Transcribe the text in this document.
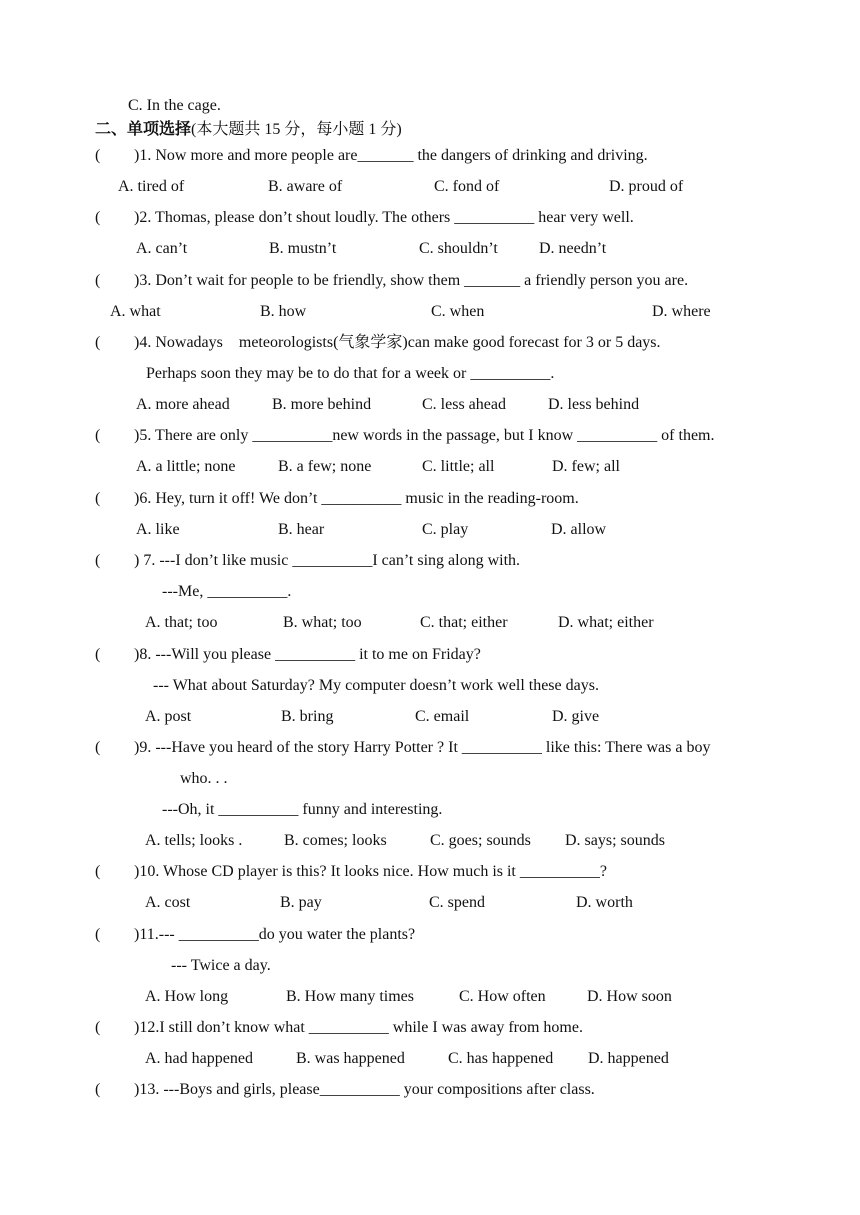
C. In the cage.
二、单项选择(本大题共 15 分，每小题 1 分)
( )1. Now more and more people are_______ the dangers of drinking and driving.
A. tired of	B. aware of	C. fond of	D. proud of
( )2. Thomas, please don’t shout loudly. The others __________ hear very well.
A. can’t	B. mustn’t	C. shouldn’t	D. needn’t
( )3. Don’t wait for people to be friendly, show them _______ a friendly person you are.
A. what	B. how	C. when	D. where
( )4. Nowadays    meteorologists(气象学家)can make good forecast for 3 or 5 days.
Perhaps soon they may be to do that for a week or __________.
A. more ahead	B. more behind	C. less ahead	D. less behind
( )5. There are only __________new words in the passage, but I know __________ of them.
A. a little; none	B. a few; none	C. little; all	D. few; all
( )6. Hey, turn it off! We don’t __________ music in the reading-room.
A. like	B. hear	C. play	D. allow
( ) 7. ---I don’t like music __________I can’t sing along with.
---Me, __________.
A. that; too	B. what; too	C. that; either	D. what; either
( )8. ---Will you please __________ it to me on Friday?
--- What about Saturday? My computer doesn’t work well these days.
A. post	B. bring	C. email	D. give
( )9. ---Have you heard of the story Harry Potter ? It __________ like this: There was a boy
who. . .
---Oh, it __________ funny and interesting.
A. tells; looks .	B. comes; looks	C. goes; sounds D. says; sounds
( )10. Whose CD player is this? It looks nice. How much is it __________?
A. cost	B. pay	C. spend	D. worth
( )11.--- __________do you water the plants?
--- Twice a day.
A. How long	B. How many times	C. How often	D. How soon
( )12.I still don’t know what __________ while I was away from home.
A. had happened	B. was happened	C. has happened D. happened
( )13. ---Boys and girls, please__________ your compositions after class.
